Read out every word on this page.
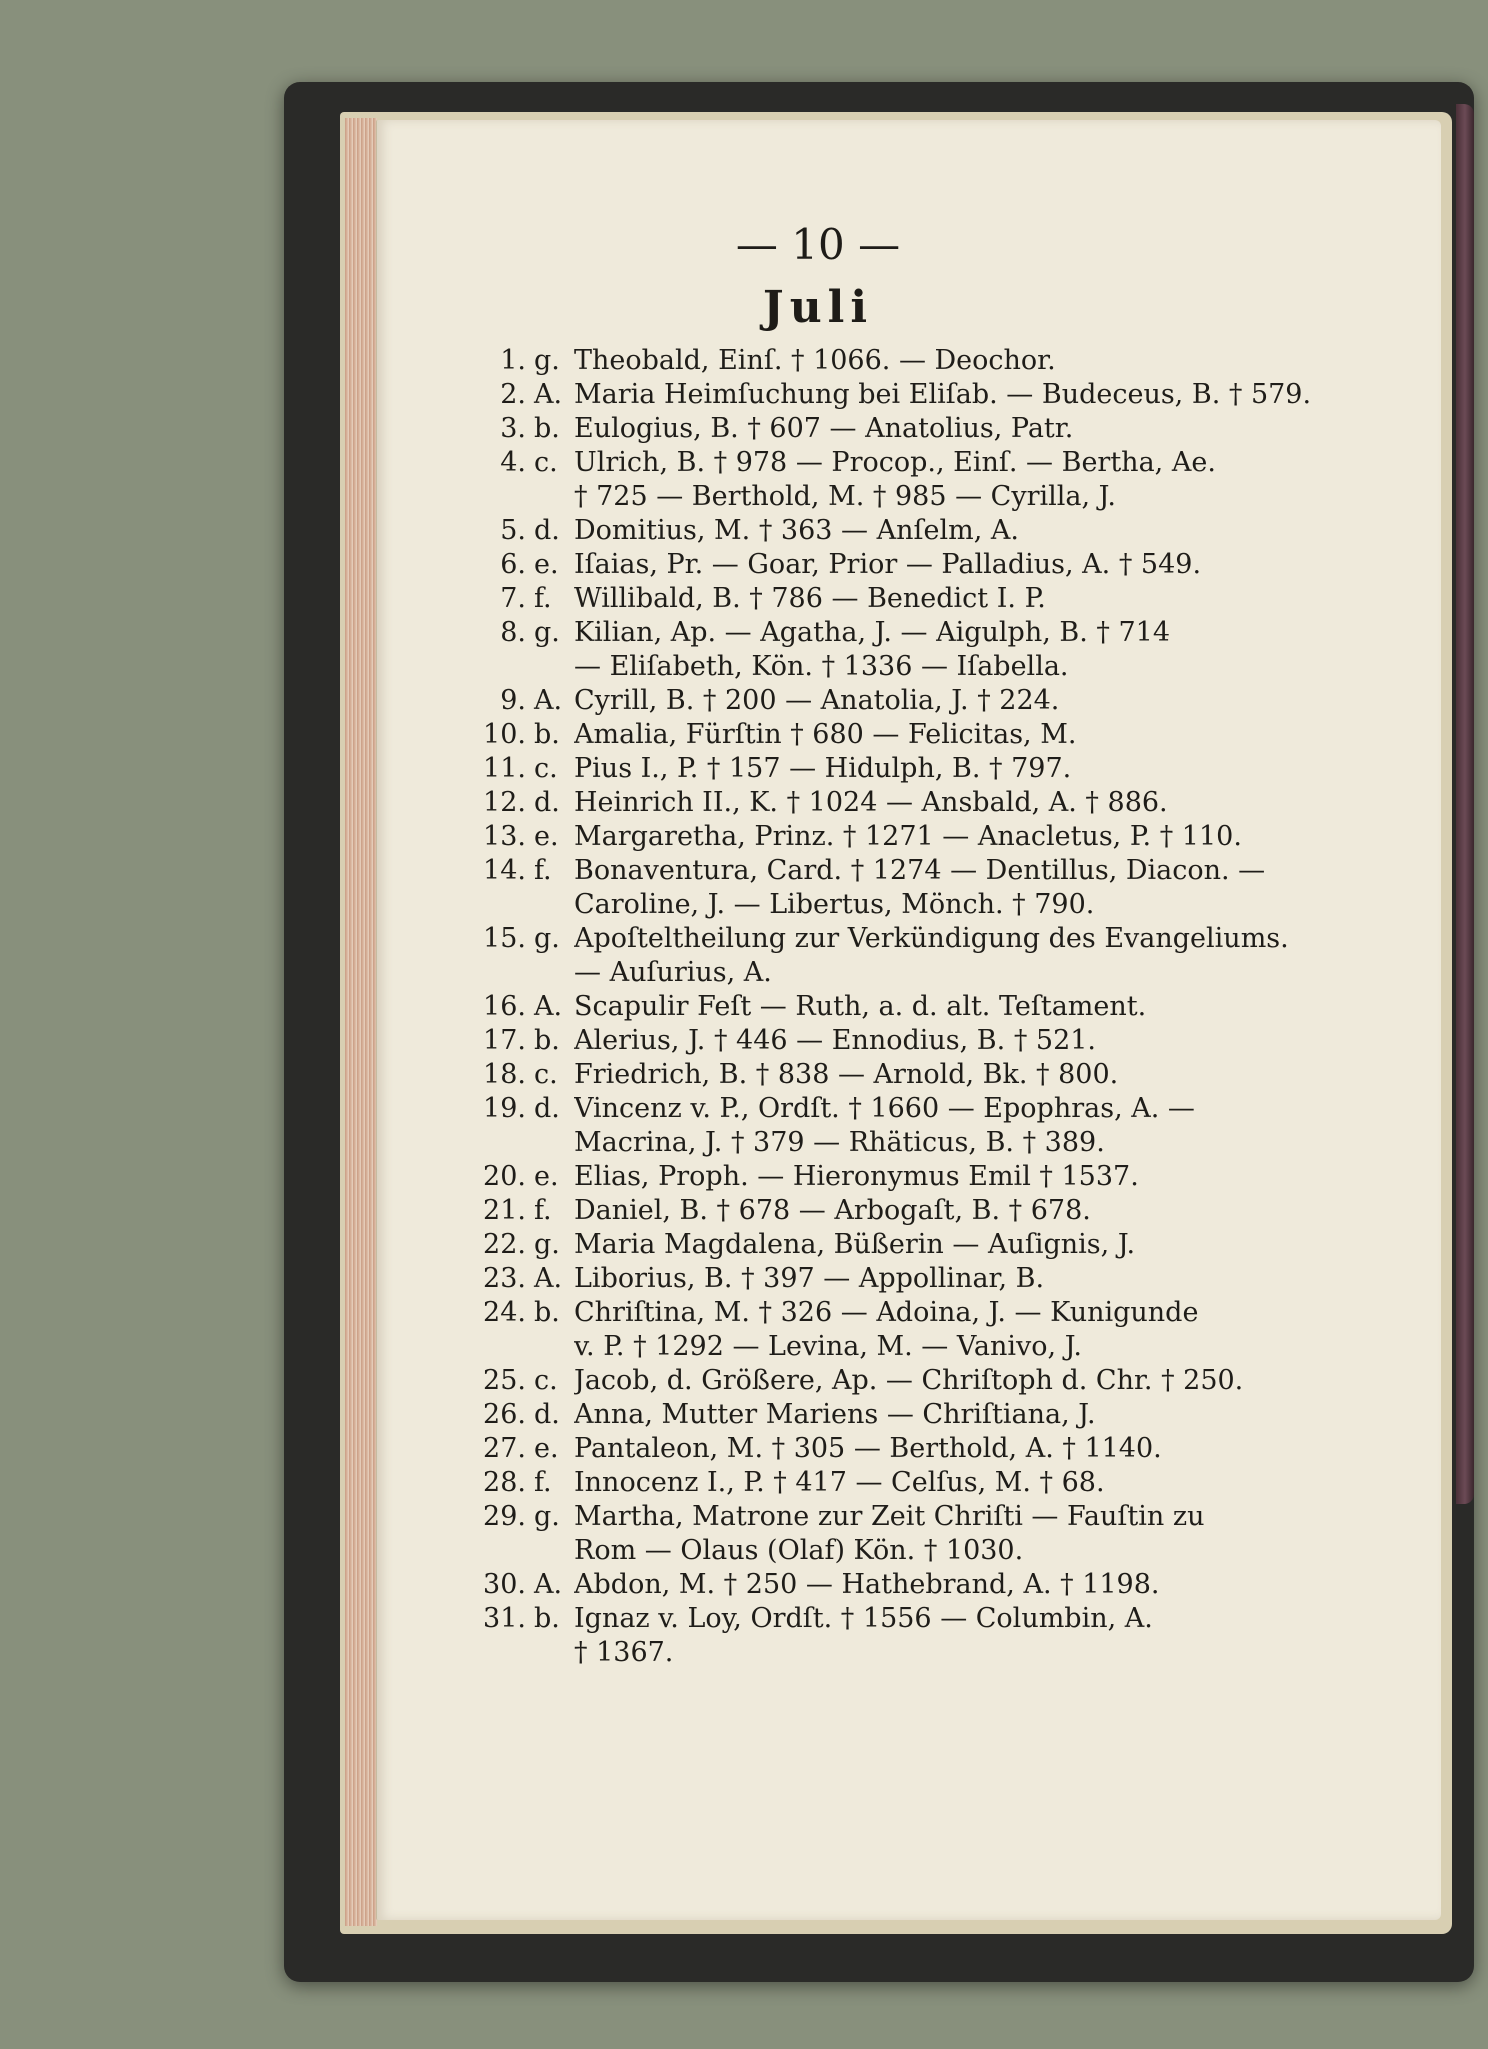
— 10 —
Juli
1. g. Theobald, Einſ. † 1066. — Deochor.
2. A. Maria Heimſuchung bei Eliſab. — Budeceus, B. † 579.
3. b. Eulogius, B. † 607 — Anatolius, Patr.
4. c. Ulrich, B. † 978 — Procop., Einſ. — Bertha, Ae.
† 725 — Berthold, M. † 985 — Cyrilla, J.
5. d. Domitius, M. † 363 — Anſelm, A.
6. e. Iſaias, Pr. — Goar, Prior — Palladius, A. † 549.
7. f. Willibald, B. † 786 — Benedict I. P.
8. g. Kilian, Ap. — Agatha, J. — Aigulph, B. † 714
— Eliſabeth, Kön. † 1336 — Iſabella.
9. A. Cyrill, B. † 200 — Anatolia, J. † 224.
10. b. Amalia, Fürſtin † 680 — Felicitas, M.
11. c. Pius I., P. † 157 — Hidulph, B. † 797.
12. d. Heinrich II., K. † 1024 — Ansbald, A. † 886.
13. e. Margaretha, Prinz. † 1271 — Anacletus, P. † 110.
14. f. Bonaventura, Card. † 1274 — Dentillus, Diacon. —
Caroline, J. — Libertus, Mönch. † 790.
15. g. Apoſteltheilung zur Verkündigung des Evangeliums.
— Auſurius, A.
16. A. Scapulir Feſt — Ruth, a. d. alt. Teſtament.
17. b. Alerius, J. † 446 — Ennodius, B. † 521.
18. c. Friedrich, B. † 838 — Arnold, Bk. † 800.
19. d. Vincenz v. P., Ordſt. † 1660 — Epophras, A. —
Macrina, J. † 379 — Rhäticus, B. † 389.
20. e. Elias, Proph. — Hieronymus Emil † 1537.
21. f. Daniel, B. † 678 — Arbogaſt, B. † 678.
22. g. Maria Magdalena, Büßerin — Auſignis, J.
23. A. Liborius, B. † 397 — Appollinar, B.
24. b. Chriſtina, M. † 326 — Adoina, J. — Kunigunde
v. P. † 1292 — Levina, M. — Vanivo, J.
25. c. Jacob, d. Größere, Ap. — Chriſtoph d. Chr. † 250.
26. d. Anna, Mutter Mariens — Chriſtiana, J.
27. e. Pantaleon, M. † 305 — Berthold, A. † 1140.
28. f. Innocenz I., P. † 417 — Celſus, M. † 68.
29. g. Martha, Matrone zur Zeit Chriſti — Fauſtin zu
Rom — Olaus (Olaf) Kön. † 1030.
30. A. Abdon, M. † 250 — Hathebrand, A. † 1198.
31. b. Ignaz v. Loy, Ordſt. † 1556 — Columbin, A.
† 1367.
